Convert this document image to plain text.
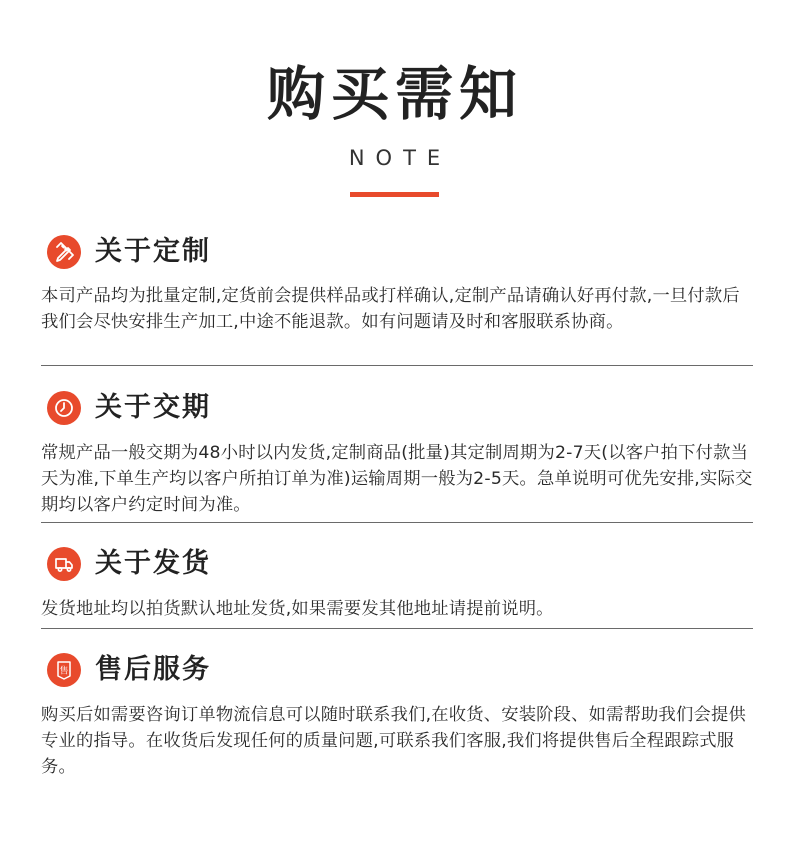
购买需知
NOTE
关于定制
本司产品均为批量定制,定货前会提供样品或打样确认,定制产品请确认好再付款,一旦付款后我们会尽快安排生产加工,中途不能退款。如有问题请及时和客服联系协商。
关于交期
常规产品一般交期为48小时以内发货,定制商品(批量)其定制周期为2-7天(以客户拍下付款当天为准,下单生产均以客户所拍订单为准)运输周期一般为2-5天。急单说明可优先安排,实际交期均以客户约定时间为准。
关于发货
发货地址均以拍货默认地址发货,如果需要发其他地址请提前说明。
售 售后服务
购买后如需要咨询订单物流信息可以随时联系我们,在收货、安装阶段、如需帮助我们会提供专业的指导。在收货后发现任何的质量问题,可联系我们客服,我们将提供售后全程跟踪式服务。
